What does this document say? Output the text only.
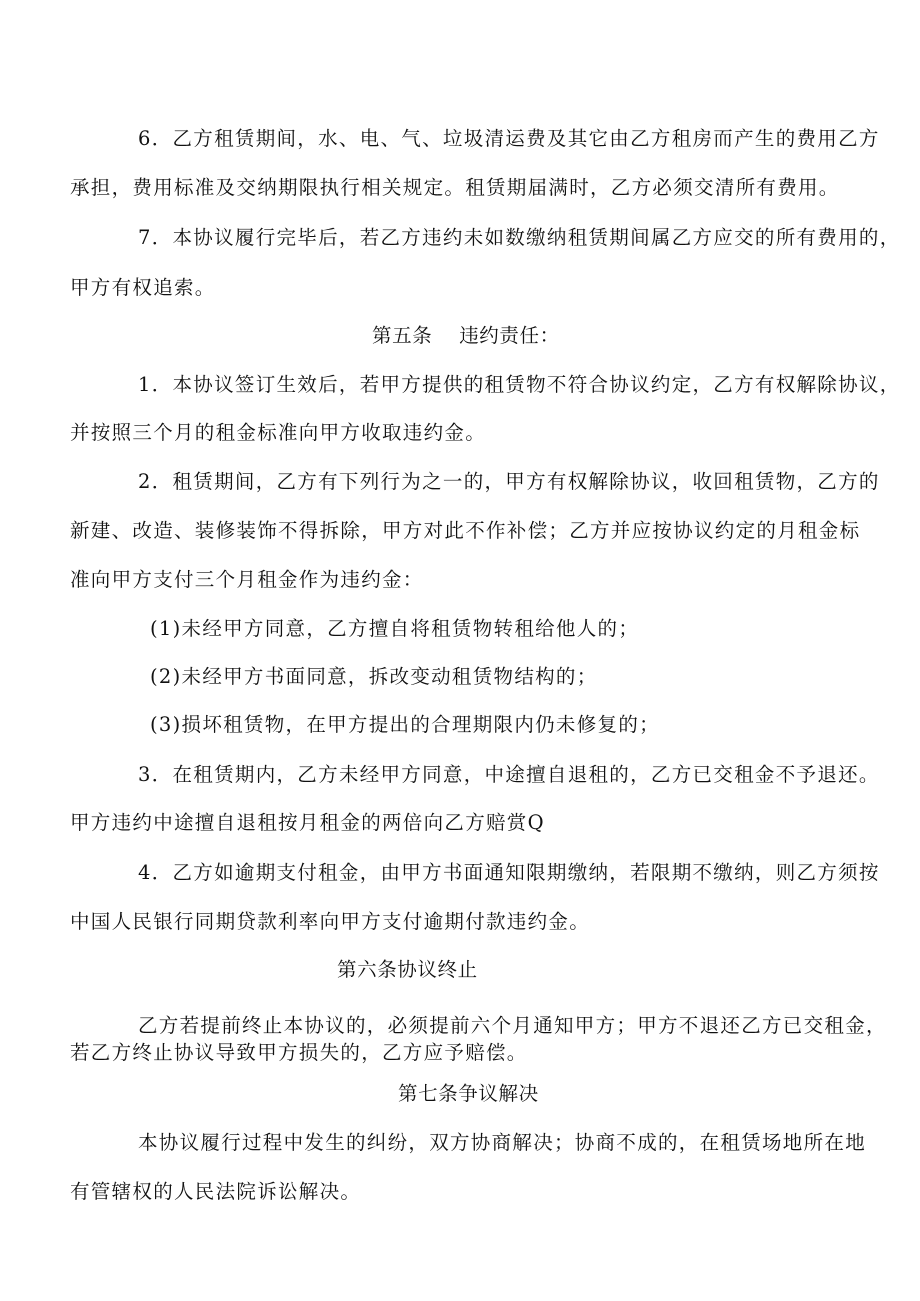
6．乙方租赁期间，水、电、气、垃圾清运费及其它由乙方租房而产生的费用乙方

承担，费用标准及交纳期限执行相关规定。租赁期届满时，乙方必须交清所有费用。

7．本协议履行完毕后，若乙方违约未如数缴纳租赁期间属乙方应交的所有费用的，

甲方有权追索。

第五条　 违约责任：

1．本协议签订生效后，若甲方提供的租赁物不符合协议约定，乙方有权解除协议，

并按照三个月的租金标准向甲方收取违约金。

2．租赁期间，乙方有下列行为之一的，甲方有权解除协议，收回租赁物，乙方的

新建、改造、装修装饰不得拆除，甲方对此不作补偿；乙方并应按协议约定的月租金标

准向甲方支付三个月租金作为违约金：

(1)未经甲方同意，乙方擅自将租赁物转租给他人的；

(2)未经甲方书面同意，拆改变动租赁物结构的；

(3)损坏租赁物，在甲方提出的合理期限内仍未修复的；

3．在租赁期内，乙方未经甲方同意，中途擅自退租的，乙方已交租金不予退还。

甲方违约中途擅自退租按月租金的两倍向乙方赔赏Q

4．乙方如逾期支付租金，由甲方书面通知限期缴纳，若限期不缴纳，则乙方须按

中国人民银行同期贷款利率向甲方支付逾期付款违约金。

第六条协议终止

乙方若提前终止本协议的，必须提前六个月通知甲方；甲方不退还乙方已交租金，

若乙方终止协议导致甲方损失的，乙方应予赔偿。

第七条争议解决

本协议履行过程中发生的纠纷，双方协商解决；协商不成的，在租赁场地所在地

有管辖权的人民法院诉讼解决。
